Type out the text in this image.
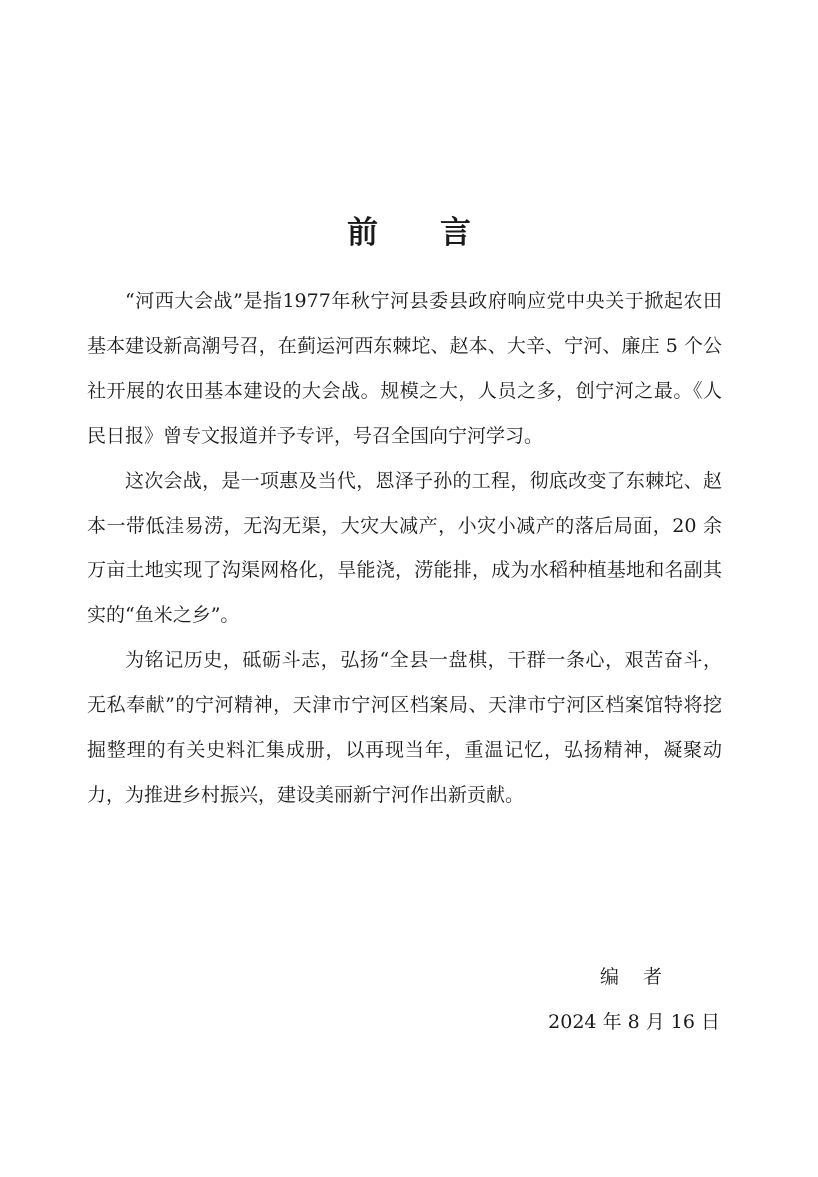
前言

“河西大会战”是指1977年秋宁河县委县政府响应党中央关于掀起农田基本建设新高潮号召，在蓟运河西东棘坨、赵本、大辛、宁河、廉庄 5 个公社开展的农田基本建设的大会战。规模之大，人员之多，创宁河之最。《人民日报》曾专文报道并予专评，号召全国向宁河学习。

这次会战，是一项惠及当代，恩泽子孙的工程，彻底改变了东棘坨、赵本一带低洼易涝，无沟无渠，大灾大减产，小灾小减产的落后局面，20 余万亩土地实现了沟渠网格化，旱能浇，涝能排，成为水稻种植基地和名副其实的“鱼米之乡”。

为铭记历史，砥砺斗志，弘扬“全县一盘棋，干群一条心，艰苦奋斗，无私奉献”的宁河精神，天津市宁河区档案局、天津市宁河区档案馆特将挖掘整理的有关史料汇集成册，以再现当年，重温记忆，弘扬精神，凝聚动力，为推进乡村振兴，建设美丽新宁河作出新贡献。

编者
2024 年 8 月 16 日
